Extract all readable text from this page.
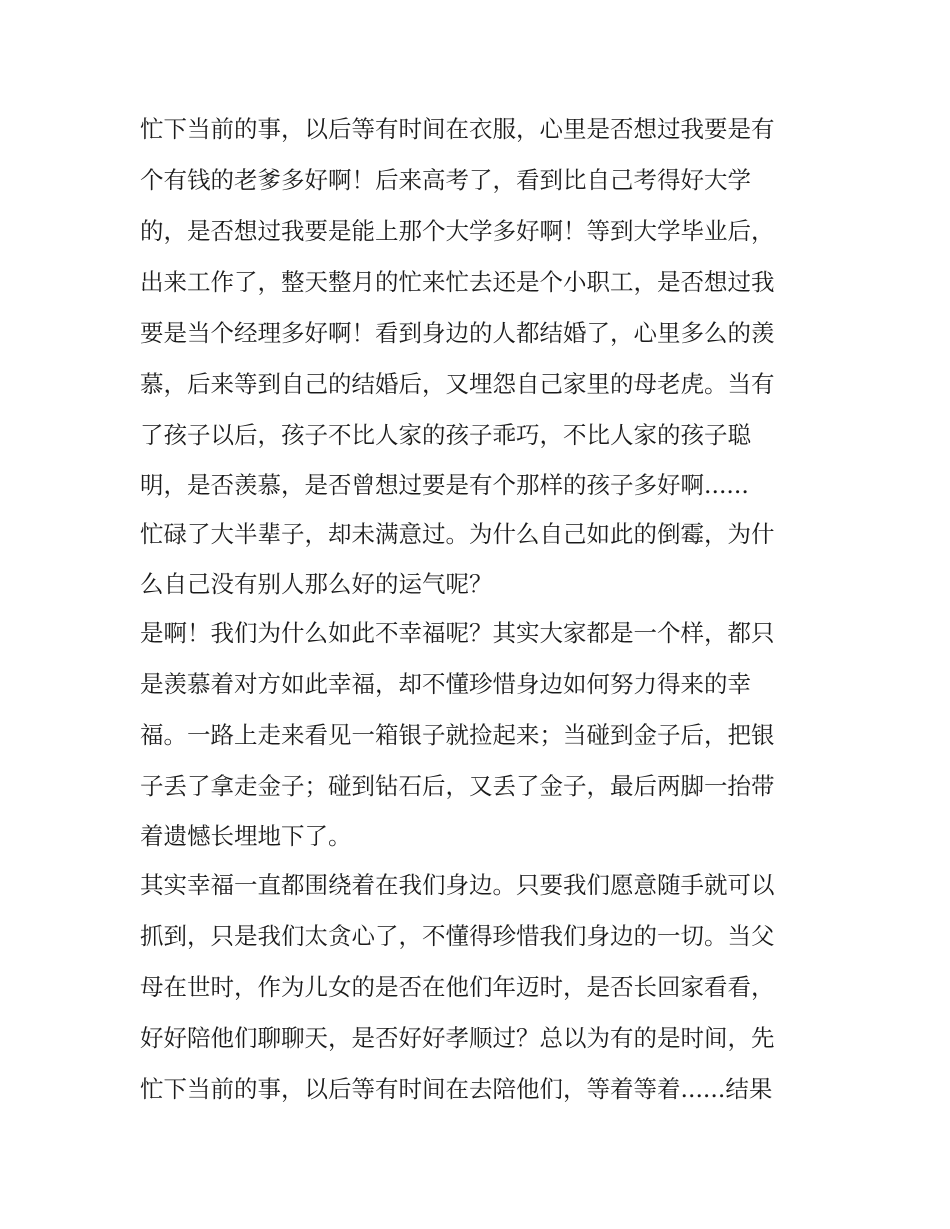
忙下当前的事，以后等有时间在衣服，心里是否想过我要是有
个有钱的老爹多好啊！后来高考了，看到比自己考得好大学
的，是否想过我要是能上那个大学多好啊！等到大学毕业后，
出来工作了，整天整月的忙来忙去还是个小职工，是否想过我
要是当个经理多好啊！看到身边的人都结婚了，心里多么的羡
慕，后来等到自己的结婚后，又埋怨自己家里的母老虎。当有
了孩子以后，孩子不比人家的孩子乖巧，不比人家的孩子聪
明，是否羡慕，是否曾想过要是有个那样的孩子多好啊......
忙碌了大半辈子，却未满意过。为什么自己如此的倒霉，为什
么自己没有别人那么好的运气呢？
是啊！我们为什么如此不幸福呢？其实大家都是一个样，都只
是羡慕着对方如此幸福，却不懂珍惜身边如何努力得来的幸
福。一路上走来看见一箱银子就捡起来；当碰到金子后，把银
子丢了拿走金子；碰到钻石后，又丢了金子，最后两脚一抬带
着遗憾长埋地下了。
其实幸福一直都围绕着在我们身边。只要我们愿意随手就可以
抓到，只是我们太贪心了，不懂得珍惜我们身边的一切。当父
母在世时，作为儿女的是否在他们年迈时，是否长回家看看，
好好陪他们聊聊天，是否好好孝顺过？总以为有的是时间，先
忙下当前的事，以后等有时间在去陪他们，等着等着......结果
